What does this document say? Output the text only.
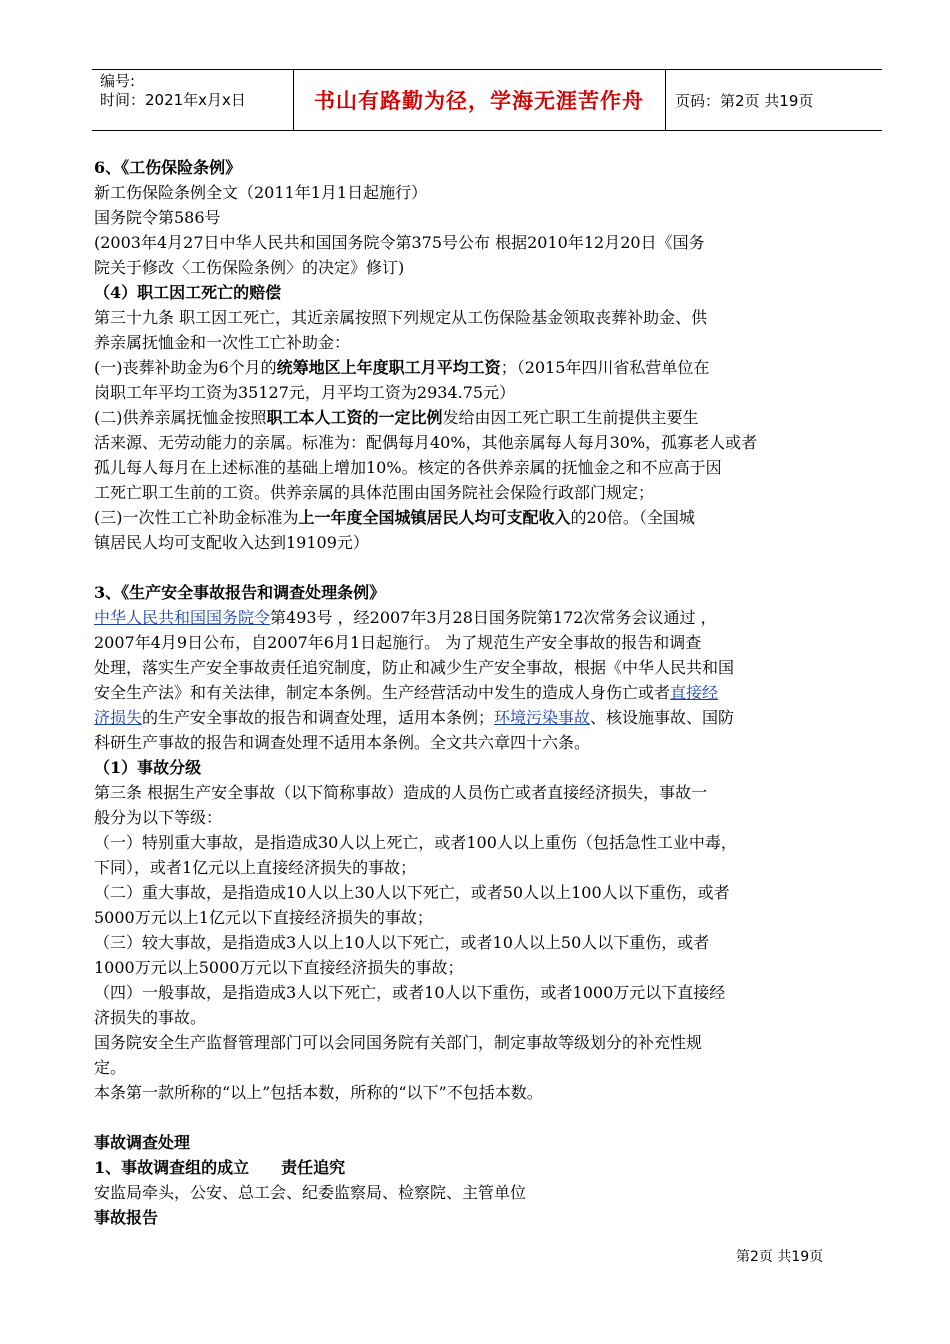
编号:
时间：2021年x月x日	书山有路勤为径，学海无涯苦作舟	页码：第2页 共19页
6、《工伤保险条例》
新工伤保险条例全文（2011年1月1日起施行）
国务院令第586号
(2003年4月27日中华人民共和国国务院令第375号公布 根据2010年12月20日《国务
院关于修改〈工伤保险条例〉的决定》修订)
（4）职工因工死亡的赔偿
第三十九条 职工因工死亡，其近亲属按照下列规定从工伤保险基金领取丧葬补助金、供
养亲属抚恤金和一次性工亡补助金：
(一)丧葬补助金为6个月的统筹地区上年度职工月平均工资；（2015年四川省私营单位在
岗职工年平均工资为35127元，月平均工资为2934.75元）
(二)供养亲属抚恤金按照职工本人工资的一定比例发给由因工死亡职工生前提供主要生
活来源、无劳动能力的亲属。标准为：配偶每月40%，其他亲属每人每月30%，孤寡老人或者
孤儿每人每月在上述标准的基础上增加10%。核定的各供养亲属的抚恤金之和不应高于因
工死亡职工生前的工资。供养亲属的具体范围由国务院社会保险行政部门规定；
(三)一次性工亡补助金标准为上一年度全国城镇居民人均可支配收入的20倍。（全国城
镇居民人均可支配收入达到19109元）
3、《生产安全事故报告和调查处理条例》
中华人民共和国国务院令第493号 ，经2007年3月28日国务院第172次常务会议通过 ，
2007年4月9日公布，自2007年6月1日起施行。 为了规范生产安全事故的报告和调查
处理，落实生产安全事故责任追究制度，防止和减少生产安全事故，根据《中华人民共和国
安全生产法》和有关法律，制定本条例。生产经营活动中发生的造成人身伤亡或者直接经
济损失的生产安全事故的报告和调查处理，适用本条例；环境污染事故、核设施事故、国防
科研生产事故的报告和调查处理不适用本条例。全文共六章四十六条。
（1）事故分级
第三条 根据生产安全事故（以下简称事故）造成的人员伤亡或者直接经济损失，事故一
般分为以下等级：
（一）特别重大事故，是指造成30人以上死亡，或者100人以上重伤（包括急性工业中毒，
下同），或者1亿元以上直接经济损失的事故；
（二）重大事故，是指造成10人以上30人以下死亡，或者50人以上100人以下重伤，或者
5000万元以上1亿元以下直接经济损失的事故；
（三）较大事故，是指造成3人以上10人以下死亡，或者10人以上50人以下重伤，或者
1000万元以上5000万元以下直接经济损失的事故；
（四）一般事故，是指造成3人以下死亡，或者10人以下重伤，或者1000万元以下直接经
济损失的事故。
国务院安全生产监督管理部门可以会同国务院有关部门，制定事故等级划分的补充性规
定。
本条第一款所称的“以上”包括本数，所称的“以下”不包括本数。
事故调查处理
1、事故调查组的成立　　责任追究
安监局牵头，公安、总工会、纪委监察局、检察院、主管单位
事故报告
第2页 共19页
